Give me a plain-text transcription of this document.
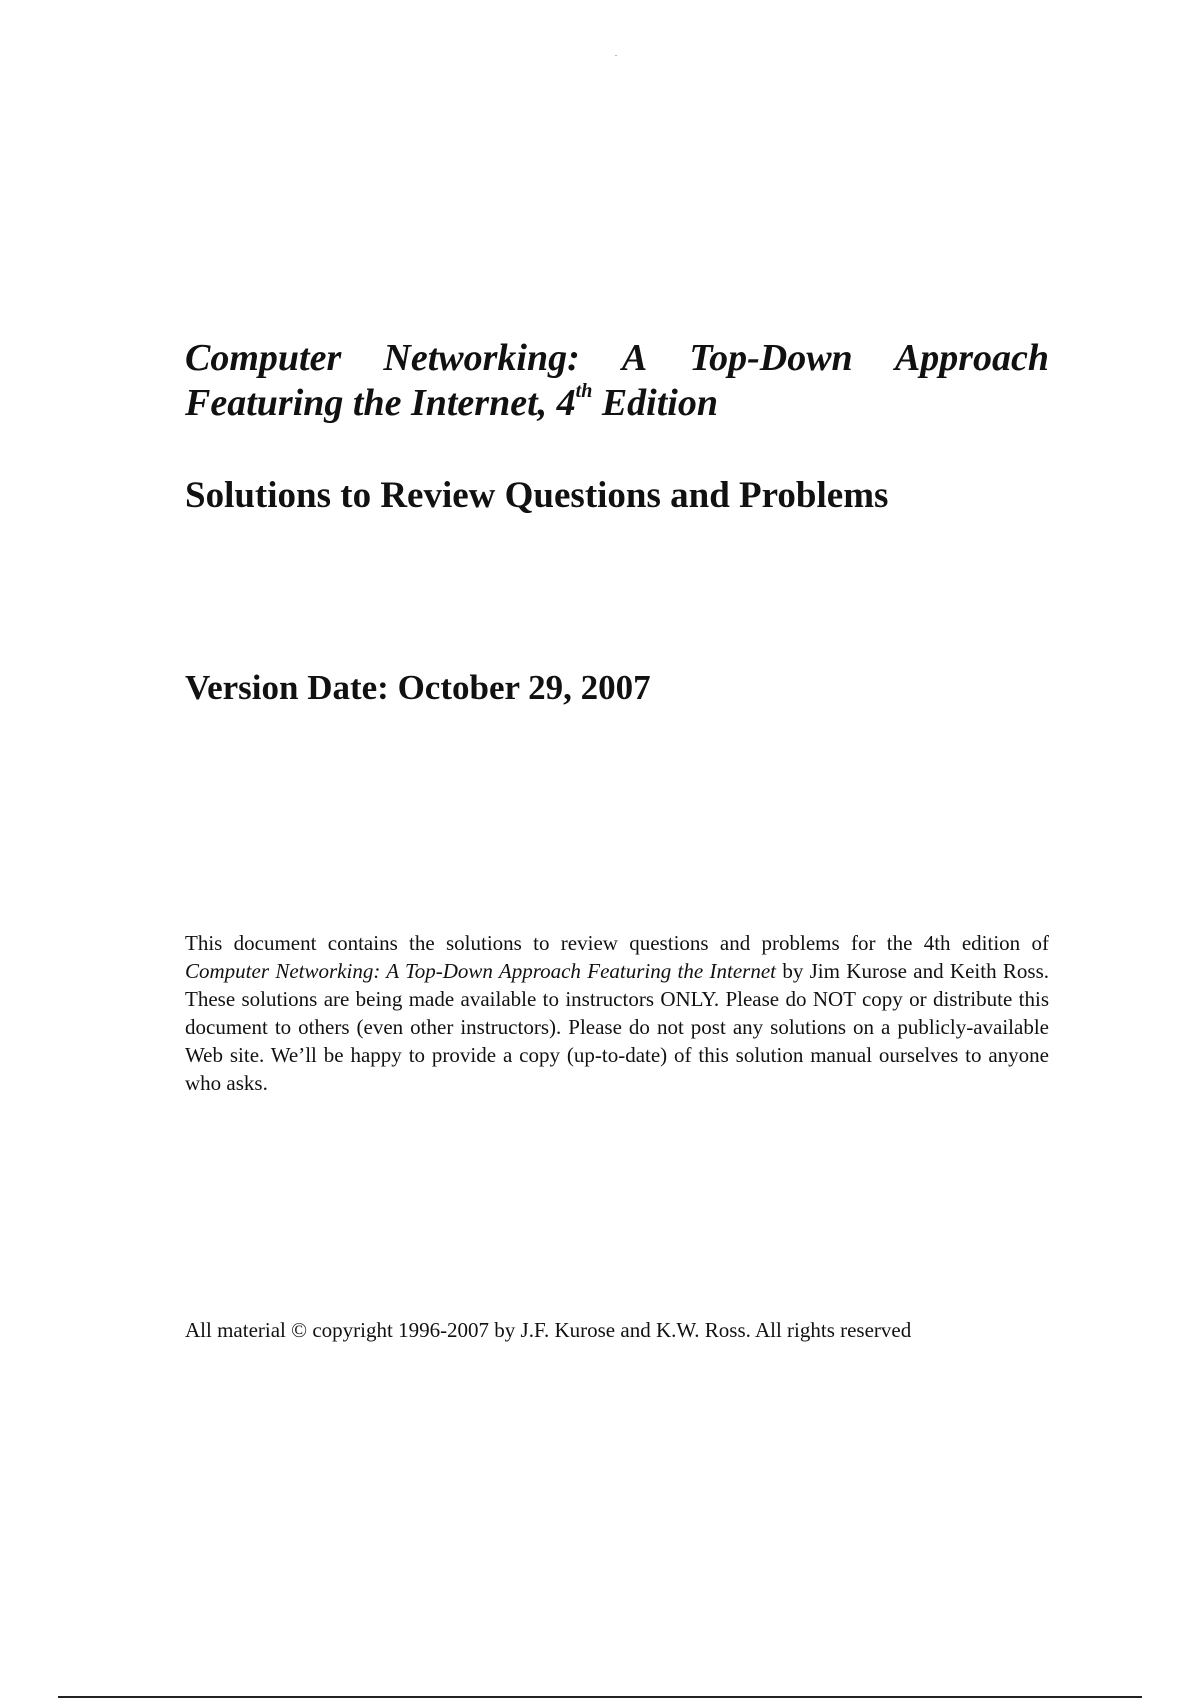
Computer Networking: A Top-Down Approach
Featuring the Internet, 4th Edition
Solutions to Review Questions and Problems
Version Date: October 29, 2007

This document contains the solutions to review questions and problems for the 4th edition of Computer Networking: A Top-Down Approach Featuring the Internet by Jim Kurose and Keith Ross. These solutions are being made available to instructors ONLY. Please do NOT copy or distribute this document to others (even other instructors). Please do not post any solutions on a publicly-available Web site. We’ll be happy to provide a copy (up-to-date) of this solution manual ourselves to anyone who asks.

All material © copyright 1996-2007 by J.F. Kurose and K.W. Ross. All rights reserved
